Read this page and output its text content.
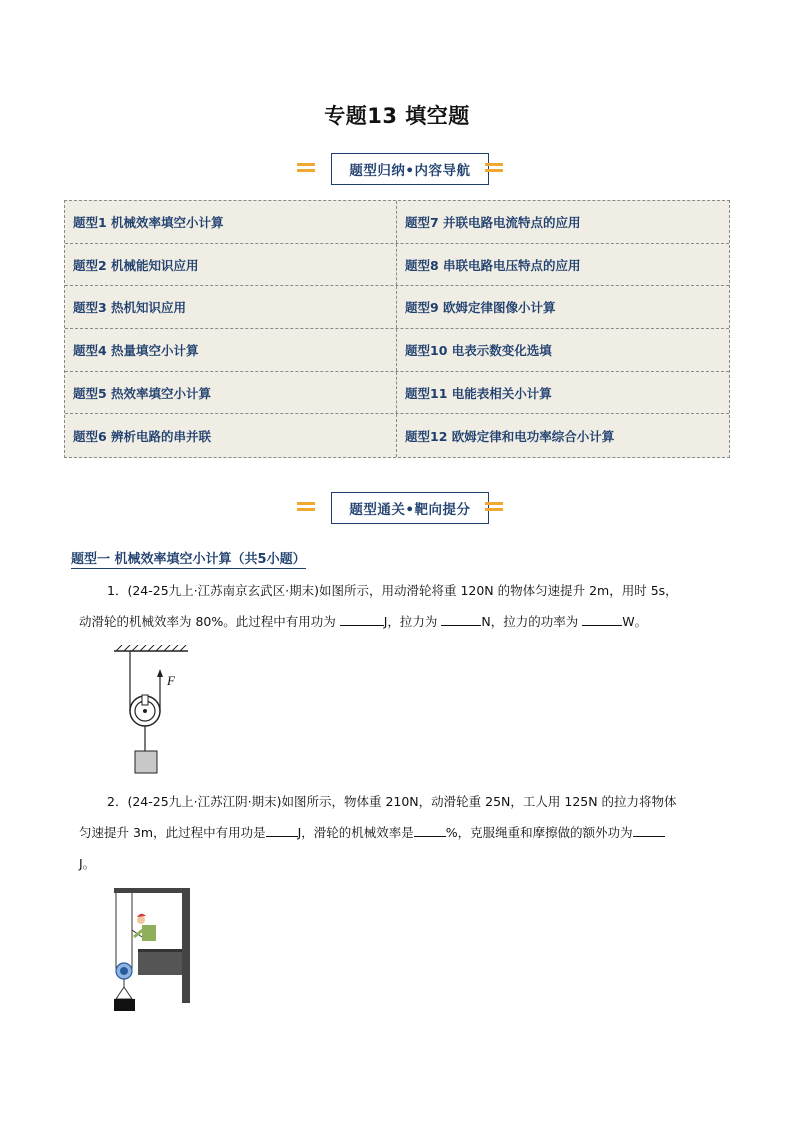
专题13 填空题
题型归纳•内容导航
题型1 机械效率填空小计算	题型7 并联电路电流特点的应用
题型2 机械能知识应用	题型8 串联电路电压特点的应用
题型3 热机知识应用	题型9 欧姆定律图像小计算
题型4 热量填空小计算	题型10 电表示数变化选填
题型5 热效率填空小计算	题型11 电能表相关小计算
题型6 辨析电路的串并联	题型12 欧姆定律和电功率综合小计算
题型通关•靶向提分
题型一 机械效率填空小计算（共5小题）
1．(24-25九上·江苏南京玄武区·期末)如图所示，用动滑轮将重 120N 的物体匀速提升 2m，用时 5s，
动滑轮的机械效率为 80%。此过程中有用功为	J，拉力为	N，拉力的功率为	W。
F
2．(24-25九上·江苏江阴·期末)如图所示，物体重 210N，动滑轮重 25N，工人用 125N 的拉力将物体
匀速提升 3m，此过程中有用功是	J，滑轮的机械效率是	%，克服绳重和摩擦做的额外功为
J。
